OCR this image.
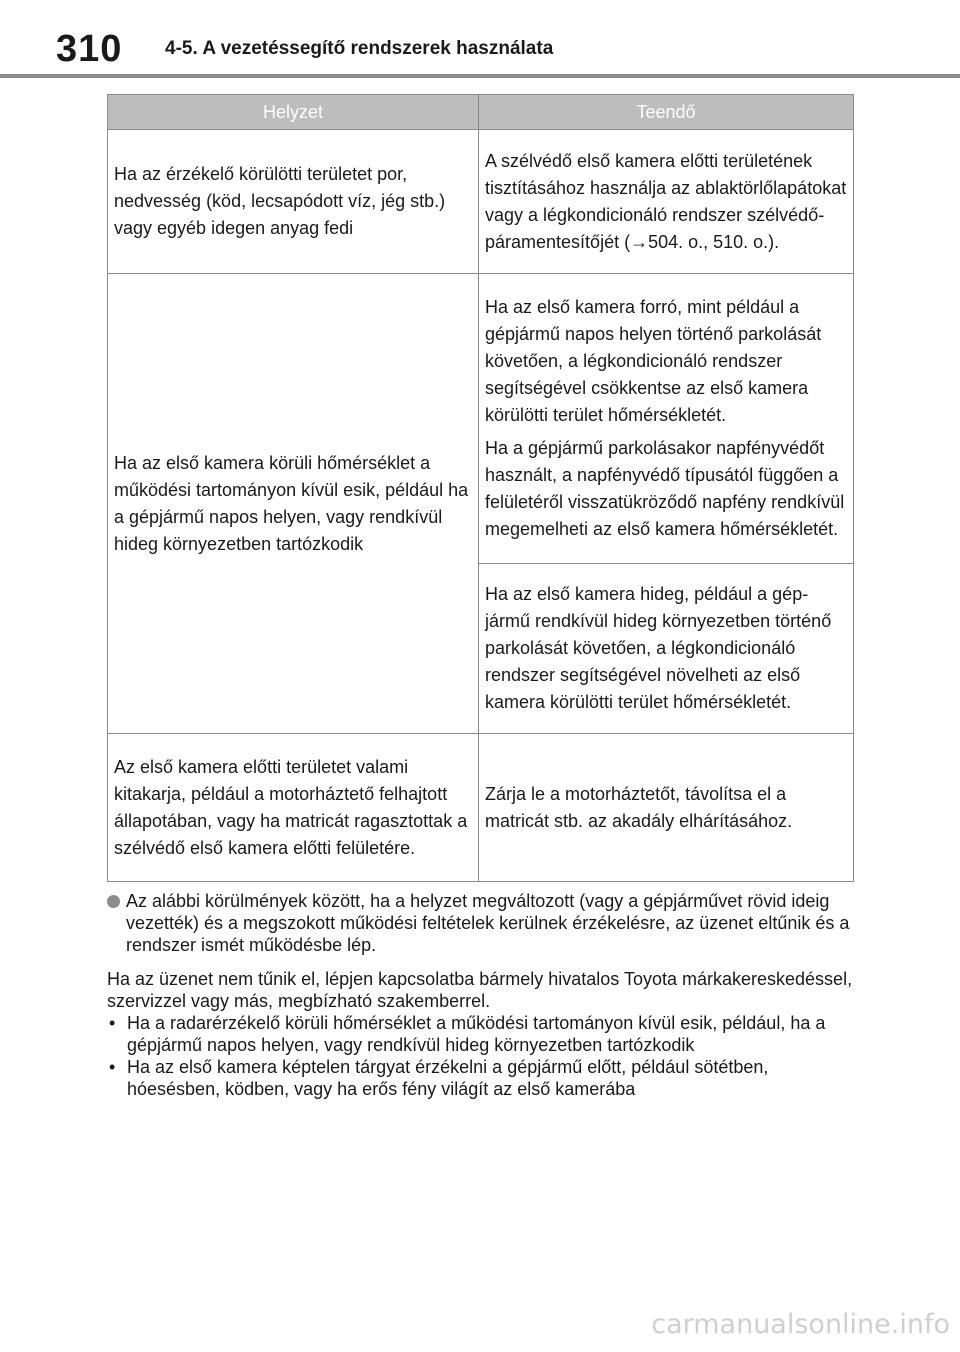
310 4-5. A vezetéssegítő rendszerek használata
Helyzet	Teendő
Ha az érzékelő körülötti területet por, nedvesség (köd, lecsapódott víz, jég stb.) vagy egyéb idegen anyag fedi	A szélvédő első kamera előtti területének tisztításához használja az ablaktörlőlapátokat vagy a légkondicionáló rendszer szélvédő-páramentesítőjét (→504. o., 510. o.).
Ha az első kamera körüli hőmérséklet a működési tartományon kívül esik, például ha a gépjármű napos helyen, vagy rendkívül hideg környezetben tartózkodik	Ha az első kamera forró, mint például a gépjármű napos helyen történő parkolását követően, a légkondicionáló rendszer segítségével csökkentse az első kamera körülötti terület hőmérsékletét.
Ha a gépjármű parkolásakor napfényvédőt használt, a napfényvédő típusától függően a felületéről visszatükröződő napfény rendkívül megemelheti az első kamera hőmérsékletét.

	Ha az első kamera hideg, például a gépjármű rendkívül hideg környezetben történő parkolását követően, a légkondicionáló rendszer segítségével növelheti az első kamera körülötti terület hőmérsékletét.
Az első kamera előtti területet valami kitakarja, például a motorháztető felhajtott állapotában, vagy ha matricát ragasztottak a szélvédő első kamera előtti felületére.	Zárja le a motorháztetőt, távolítsa el a matricát stb. az akadály elhárításához.
Az alábbi körülmények között, ha a helyzet megváltozott (vagy a gépjárművet rövid ideig vezették) és a megszokott működési feltételek kerülnek érzékelésre, az üzenet eltűnik és a rendszer ismét működésbe lép.
Ha az üzenet nem tűnik el, lépjen kapcsolatba bármely hivatalos Toyota márkakereskedéssel, szervizzel vagy más, megbízható szakemberrel.
• Ha a radarérzékelő körüli hőmérséklet a működési tartományon kívül esik, például, ha a gépjármű napos helyen, vagy rendkívül hideg környezetben tartózkodik
• Ha az első kamera képtelen tárgyat érzékelni a gépjármű előtt, például sötétben, hóesésben, ködben, vagy ha erős fény világít az első kamerába
carmanualsonline.info
